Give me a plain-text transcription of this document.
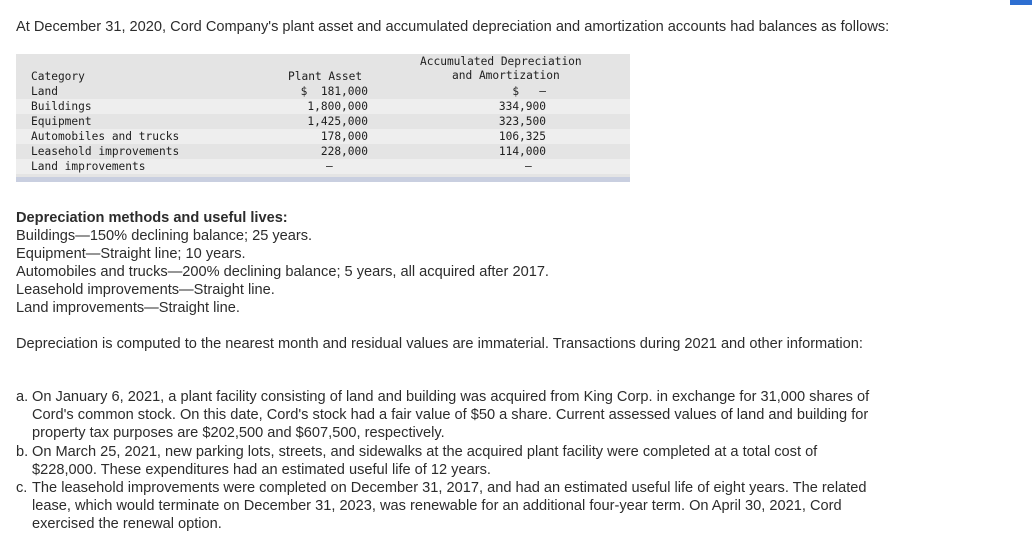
At December 31, 2020, Cord Company's plant asset and accumulated depreciation and amortization accounts had balances as follows:
Accumulated Depreciation
and Amortization
Category	Plant Asset
Land	$  181,000	$   —
Buildings	1,800,000	334,900
Equipment	1,425,000	323,500
Automobiles and trucks	178,000	106,325
Leasehold improvements	228,000	114,000
Land improvements	—	—
Depreciation methods and useful lives:
Buildings—150% declining balance; 25 years.
Equipment—Straight line; 10 years.
Automobiles and trucks—200% declining balance; 5 years, all acquired after 2017.
Leasehold improvements—Straight line.
Land improvements—Straight line.
Depreciation is computed to the nearest month and residual values are immaterial. Transactions during 2021 and other information:
a. On January 6, 2021, a plant facility consisting of land and building was acquired from King Corp. in exchange for 31,000 shares of
Cord's common stock. On this date, Cord's stock had a fair value of $50 a share. Current assessed values of land and building for
property tax purposes are $202,500 and $607,500, respectively.
b. On March 25, 2021, new parking lots, streets, and sidewalks at the acquired plant facility were completed at a total cost of
$228,000. These expenditures had an estimated useful life of 12 years.
c. The leasehold improvements were completed on December 31, 2017, and had an estimated useful life of eight years. The related
lease, which would terminate on December 31, 2023, was renewable for an additional four-year term. On April 30, 2021, Cord
exercised the renewal option.
